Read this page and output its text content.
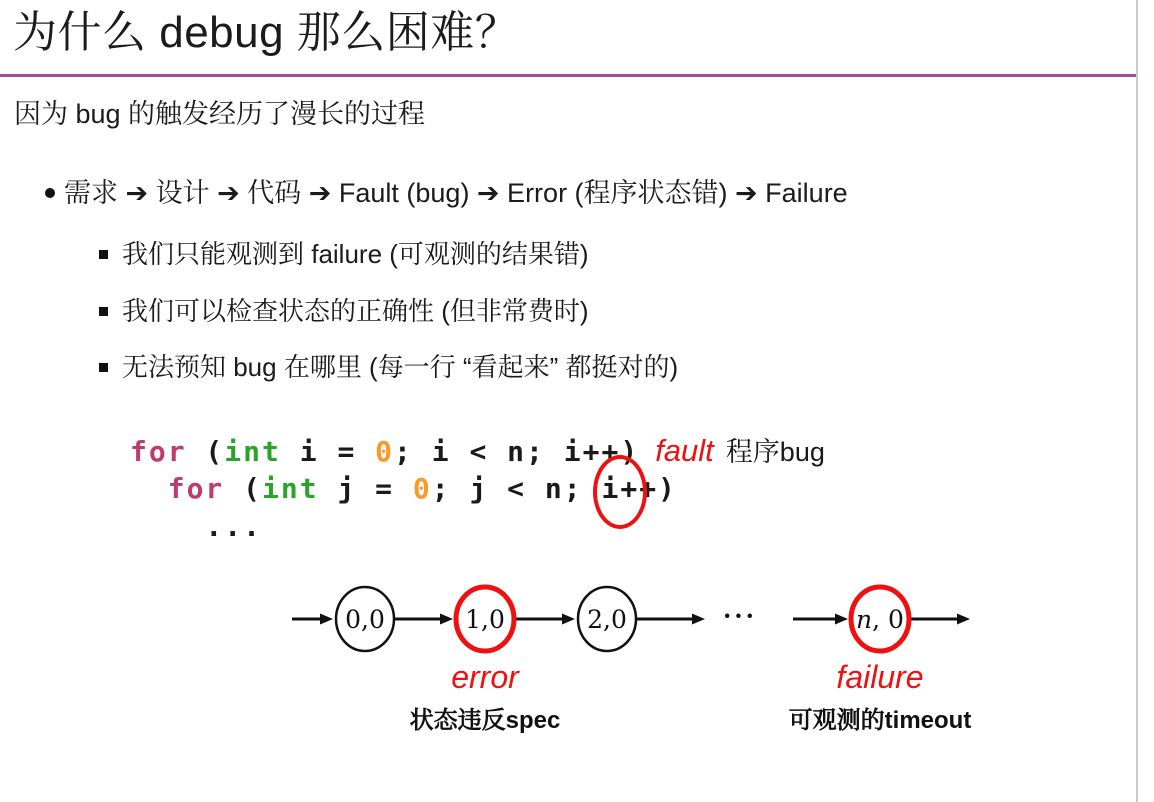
为什么 debug 那么困难？
因为 bug 的触发经历了漫长的过程
需求 ➔ 设计 ➔ 代码 ➔ Fault (bug) ➔ Error (程序状态错) ➔ Failure
我们只能观测到 failure (可观测的结果错)
我们可以检查状态的正确性 (但非常费时)
无法预知 bug 在哪里 (每一行 “看起来” 都挺对的)
for (int i = 0; i < n; i++) fault 程序bug
for (int j = 0; j < n; i++)
...
0,0	1,0	2,0	···	n, 0
error	failure
状态违反spec	可观测的timeout
